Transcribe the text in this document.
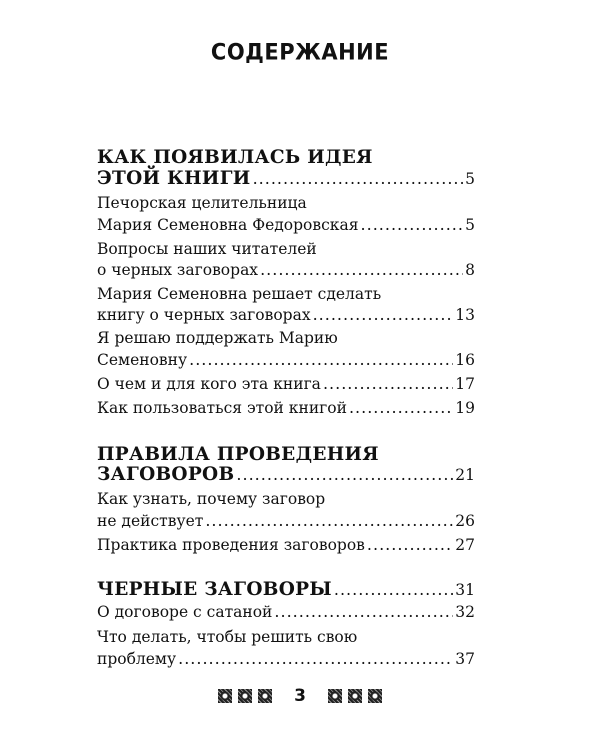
СОДЕРЖАНИЕ
КАК ПОЯВИЛАСЬ ИДЕЯ
ЭТОЙ КНИГИ .....	5
Печорская целительница
Мария Семеновна Федоровская .....	5
Вопросы наших читателей
о черных заговорах .....	8
Мария Семеновна решает сделать
книгу о черных заговорах .....	13
Я решаю поддержать Марию
Семеновну .....	16
О чем и для кого эта книга .....	17
Как пользоваться этой книгой .....	19
ПРАВИЛА ПРОВЕДЕНИЯ
ЗАГОВОРОВ .....	21
Как узнать, почему заговор
не действует .....	26
Практика проведения заговоров .....	27
ЧЕРНЫЕ ЗАГОВОРЫ .....	31
О договоре с сатаной .....	32
Что делать, чтобы решить свою
проблему .....	37
3
